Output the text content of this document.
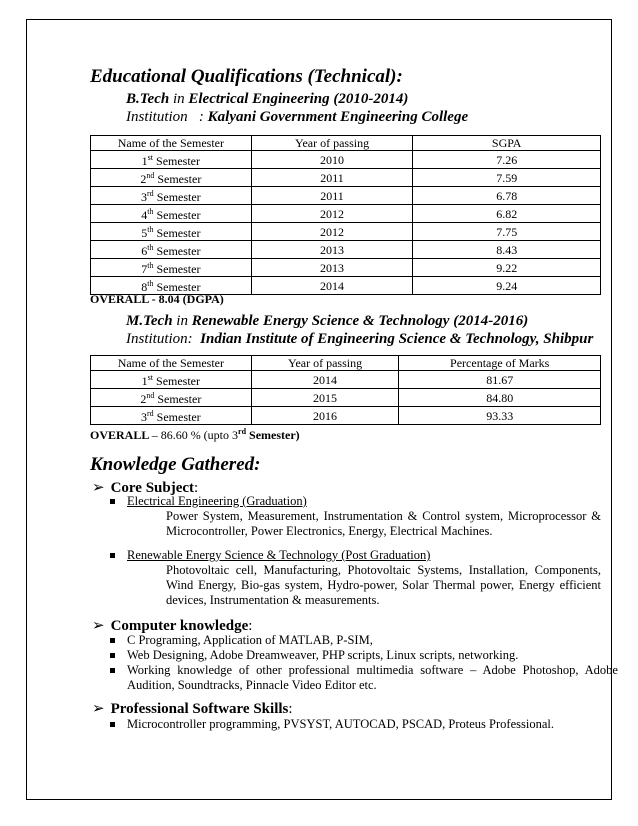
Educational Qualifications (Technical):
B.Tech in Electrical Engineering (2010-2014)
Institution : Kalyani Government Engineering College
Name of the Semester	Year of passing	SGPA
1st Semester	2010	7.26
2nd Semester	2011	7.59
3rd Semester	2011	6.78
4th Semester	2012	6.82
5th Semester	2012	7.75
6th Semester	2013	8.43
7th Semester	2013	9.22
8th Semester	2014	9.24
OVERALL - 8.04 (DGPA)
M.Tech in Renewable Energy Science & Technology (2014-2016)
Institution: Indian Institute of Engineering Science & Technology, Shibpur
Name of the Semester	Year of passing	Percentage of Marks
1st Semester	2014	81.67
2nd Semester	2015	84.80
3rd Semester	2016	93.33
OVERALL – 86.60 % (upto 3rd Semester)
Knowledge Gathered:
➢ Core Subject:
Electrical Engineering (Graduation)
Power System, Measurement, Instrumentation & Control system, Microprocessor & Microcontroller, Power Electronics, Energy, Electrical Machines.
Renewable Energy Science & Technology (Post Graduation)
Photovoltaic cell, Manufacturing, Photovoltaic Systems, Installation, Components, Wind Energy, Bio-gas system, Hydro-power, Solar Thermal power, Energy efficient devices, Instrumentation & measurements.
➢ Computer knowledge:
C Programing, Application of MATLAB, P-SIM,
Web Designing, Adobe Dreamweaver, PHP scripts, Linux scripts, networking.
Working knowledge of other professional multimedia software – Adobe Photoshop, Adobe Audition, Soundtracks, Pinnacle Video Editor etc.
➢ Professional Software Skills:
Microcontroller programming, PVSYST, AUTOCAD, PSCAD, Proteus Professional.
